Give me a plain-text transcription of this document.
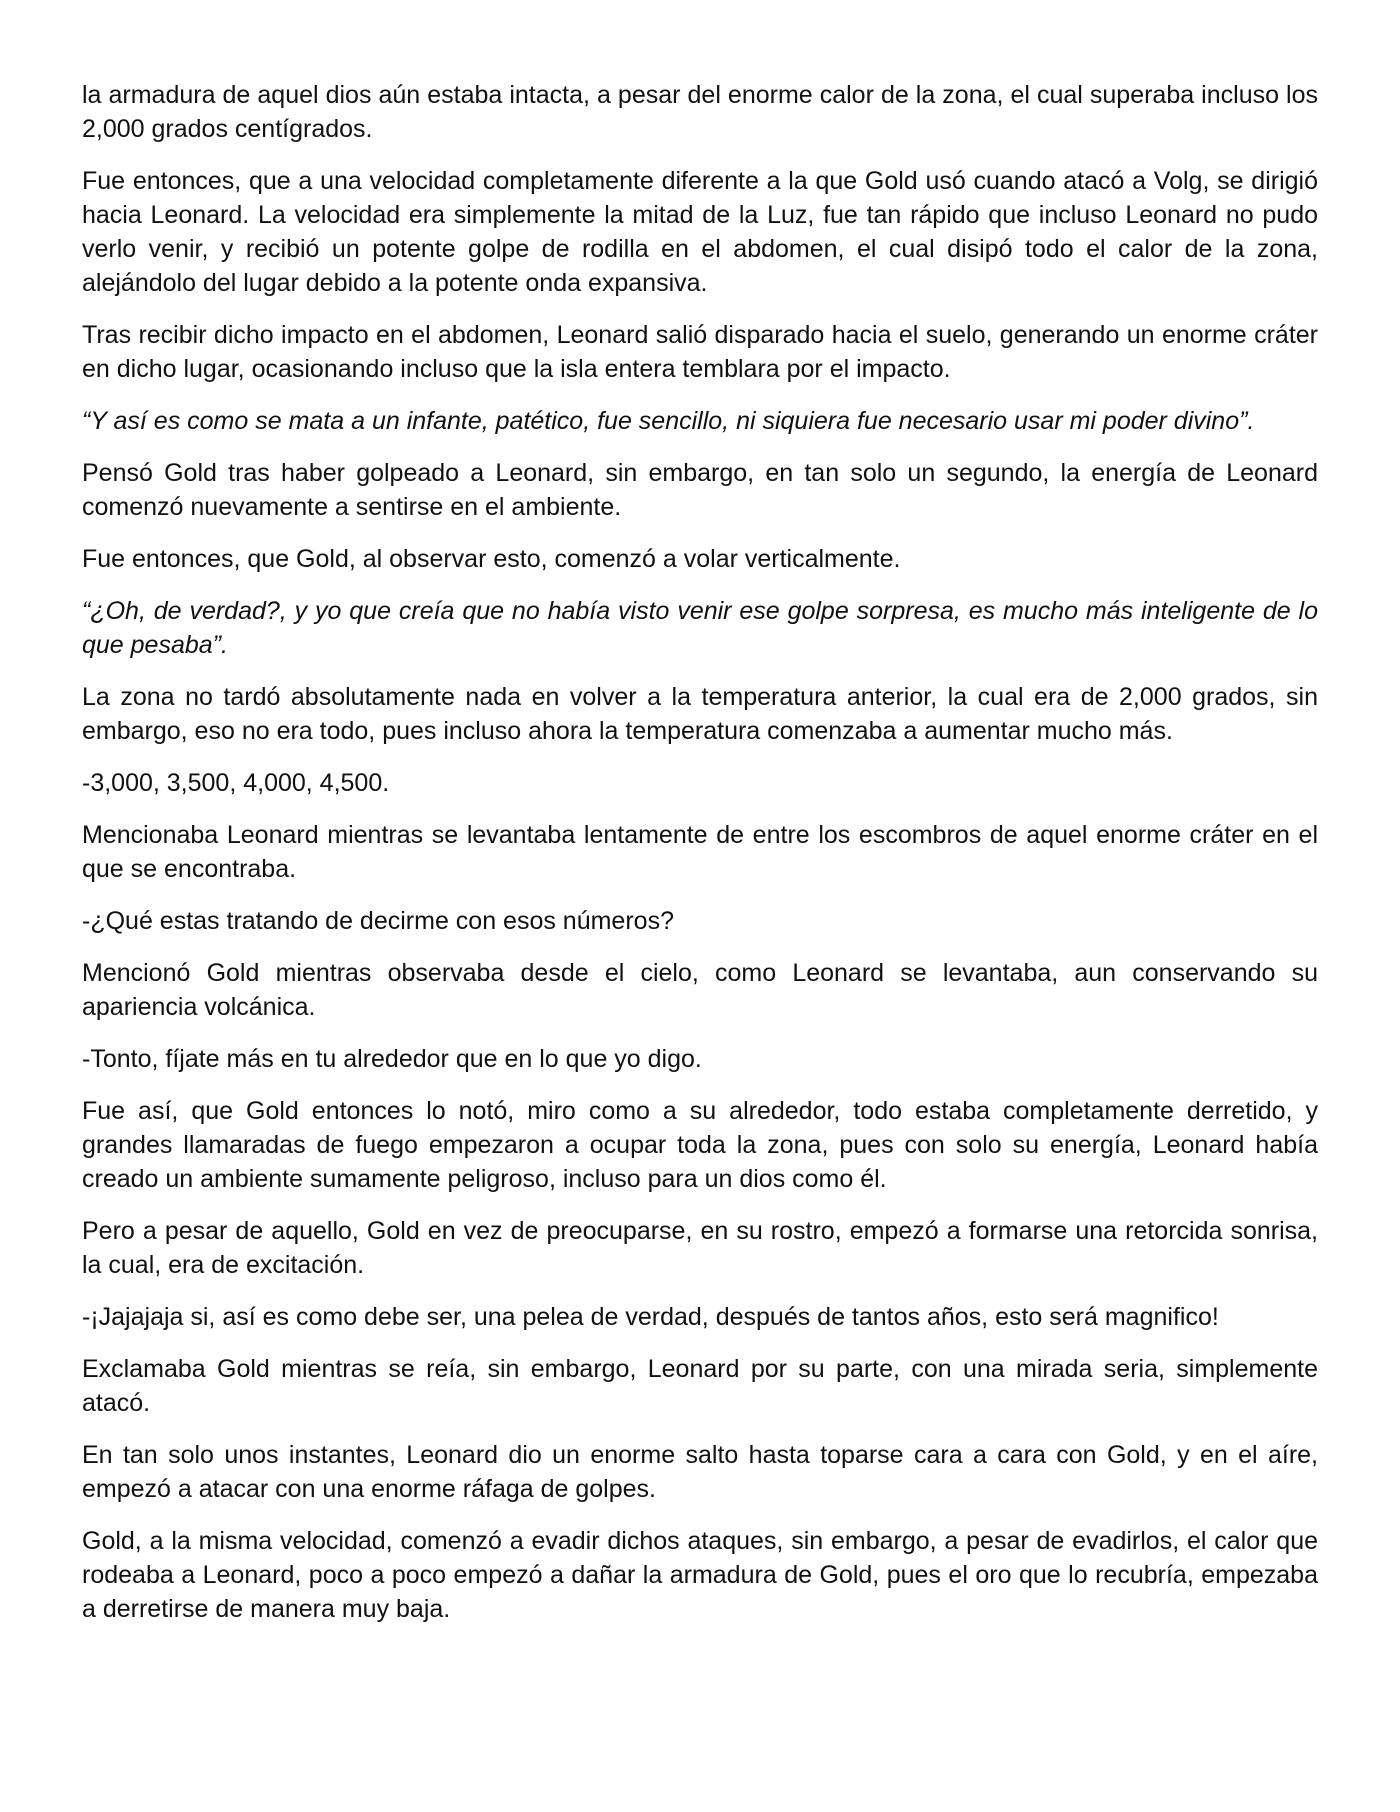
la armadura de aquel dios aún estaba intacta, a pesar del enorme calor de la zona, el cual superaba incluso los 2,000 grados centígrados.

Fue entonces, que a una velocidad completamente diferente a la que Gold usó cuando atacó a Volg, se dirigió hacia Leonard. La velocidad era simplemente la mitad de la Luz, fue tan rápido que incluso Leonard no pudo verlo venir, y recibió un potente golpe de rodilla en el abdomen, el cual disipó todo el calor de la zona, alejándolo del lugar debido a la potente onda expansiva.

Tras recibir dicho impacto en el abdomen, Leonard salió disparado hacia el suelo, generando un enorme cráter en dicho lugar, ocasionando incluso que la isla entera temblara por el impacto.

“Y así es como se mata a un infante, patético, fue sencillo, ni siquiera fue necesario usar mi poder divino”.

Pensó Gold tras haber golpeado a Leonard, sin embargo, en tan solo un segundo, la energía de Leonard comenzó nuevamente a sentirse en el ambiente.

Fue entonces, que Gold, al observar esto, comenzó a volar verticalmente.

“¿Oh, de verdad?, y yo que creía que no había visto venir ese golpe sorpresa, es mucho más inteligente de lo que pesaba”.

La zona no tardó absolutamente nada en volver a la temperatura anterior, la cual era de 2,000 grados, sin embargo, eso no era todo, pues incluso ahora la temperatura comenzaba a aumentar mucho más.

-3,000, 3,500, 4,000, 4,500.

Mencionaba Leonard mientras se levantaba lentamente de entre los escombros de aquel enorme cráter en el que se encontraba.

-¿Qué estas tratando de decirme con esos números?

Mencionó Gold mientras observaba desde el cielo, como Leonard se levantaba, aun conservando su apariencia volcánica.

-Tonto, fíjate más en tu alrededor que en lo que yo digo.

Fue así, que Gold entonces lo notó, miro como a su alrededor, todo estaba completamente derretido, y grandes llamaradas de fuego empezaron a ocupar toda la zona, pues con solo su energía, Leonard había creado un ambiente sumamente peligroso, incluso para un dios como él.

Pero a pesar de aquello, Gold en vez de preocuparse, en su rostro, empezó a formarse una retorcida sonrisa, la cual, era de excitación.

-¡Jajajaja si, así es como debe ser, una pelea de verdad, después de tantos años, esto será magnifico!

Exclamaba Gold mientras se reía, sin embargo, Leonard por su parte, con una mirada seria, simplemente atacó.

En tan solo unos instantes, Leonard dio un enorme salto hasta toparse cara a cara con Gold, y en el aíre, empezó a atacar con una enorme ráfaga de golpes.

Gold, a la misma velocidad, comenzó a evadir dichos ataques, sin embargo, a pesar de evadirlos, el calor que rodeaba a Leonard, poco a poco empezó a dañar la armadura de Gold, pues el oro que lo recubría, empezaba a derretirse de manera muy baja.
